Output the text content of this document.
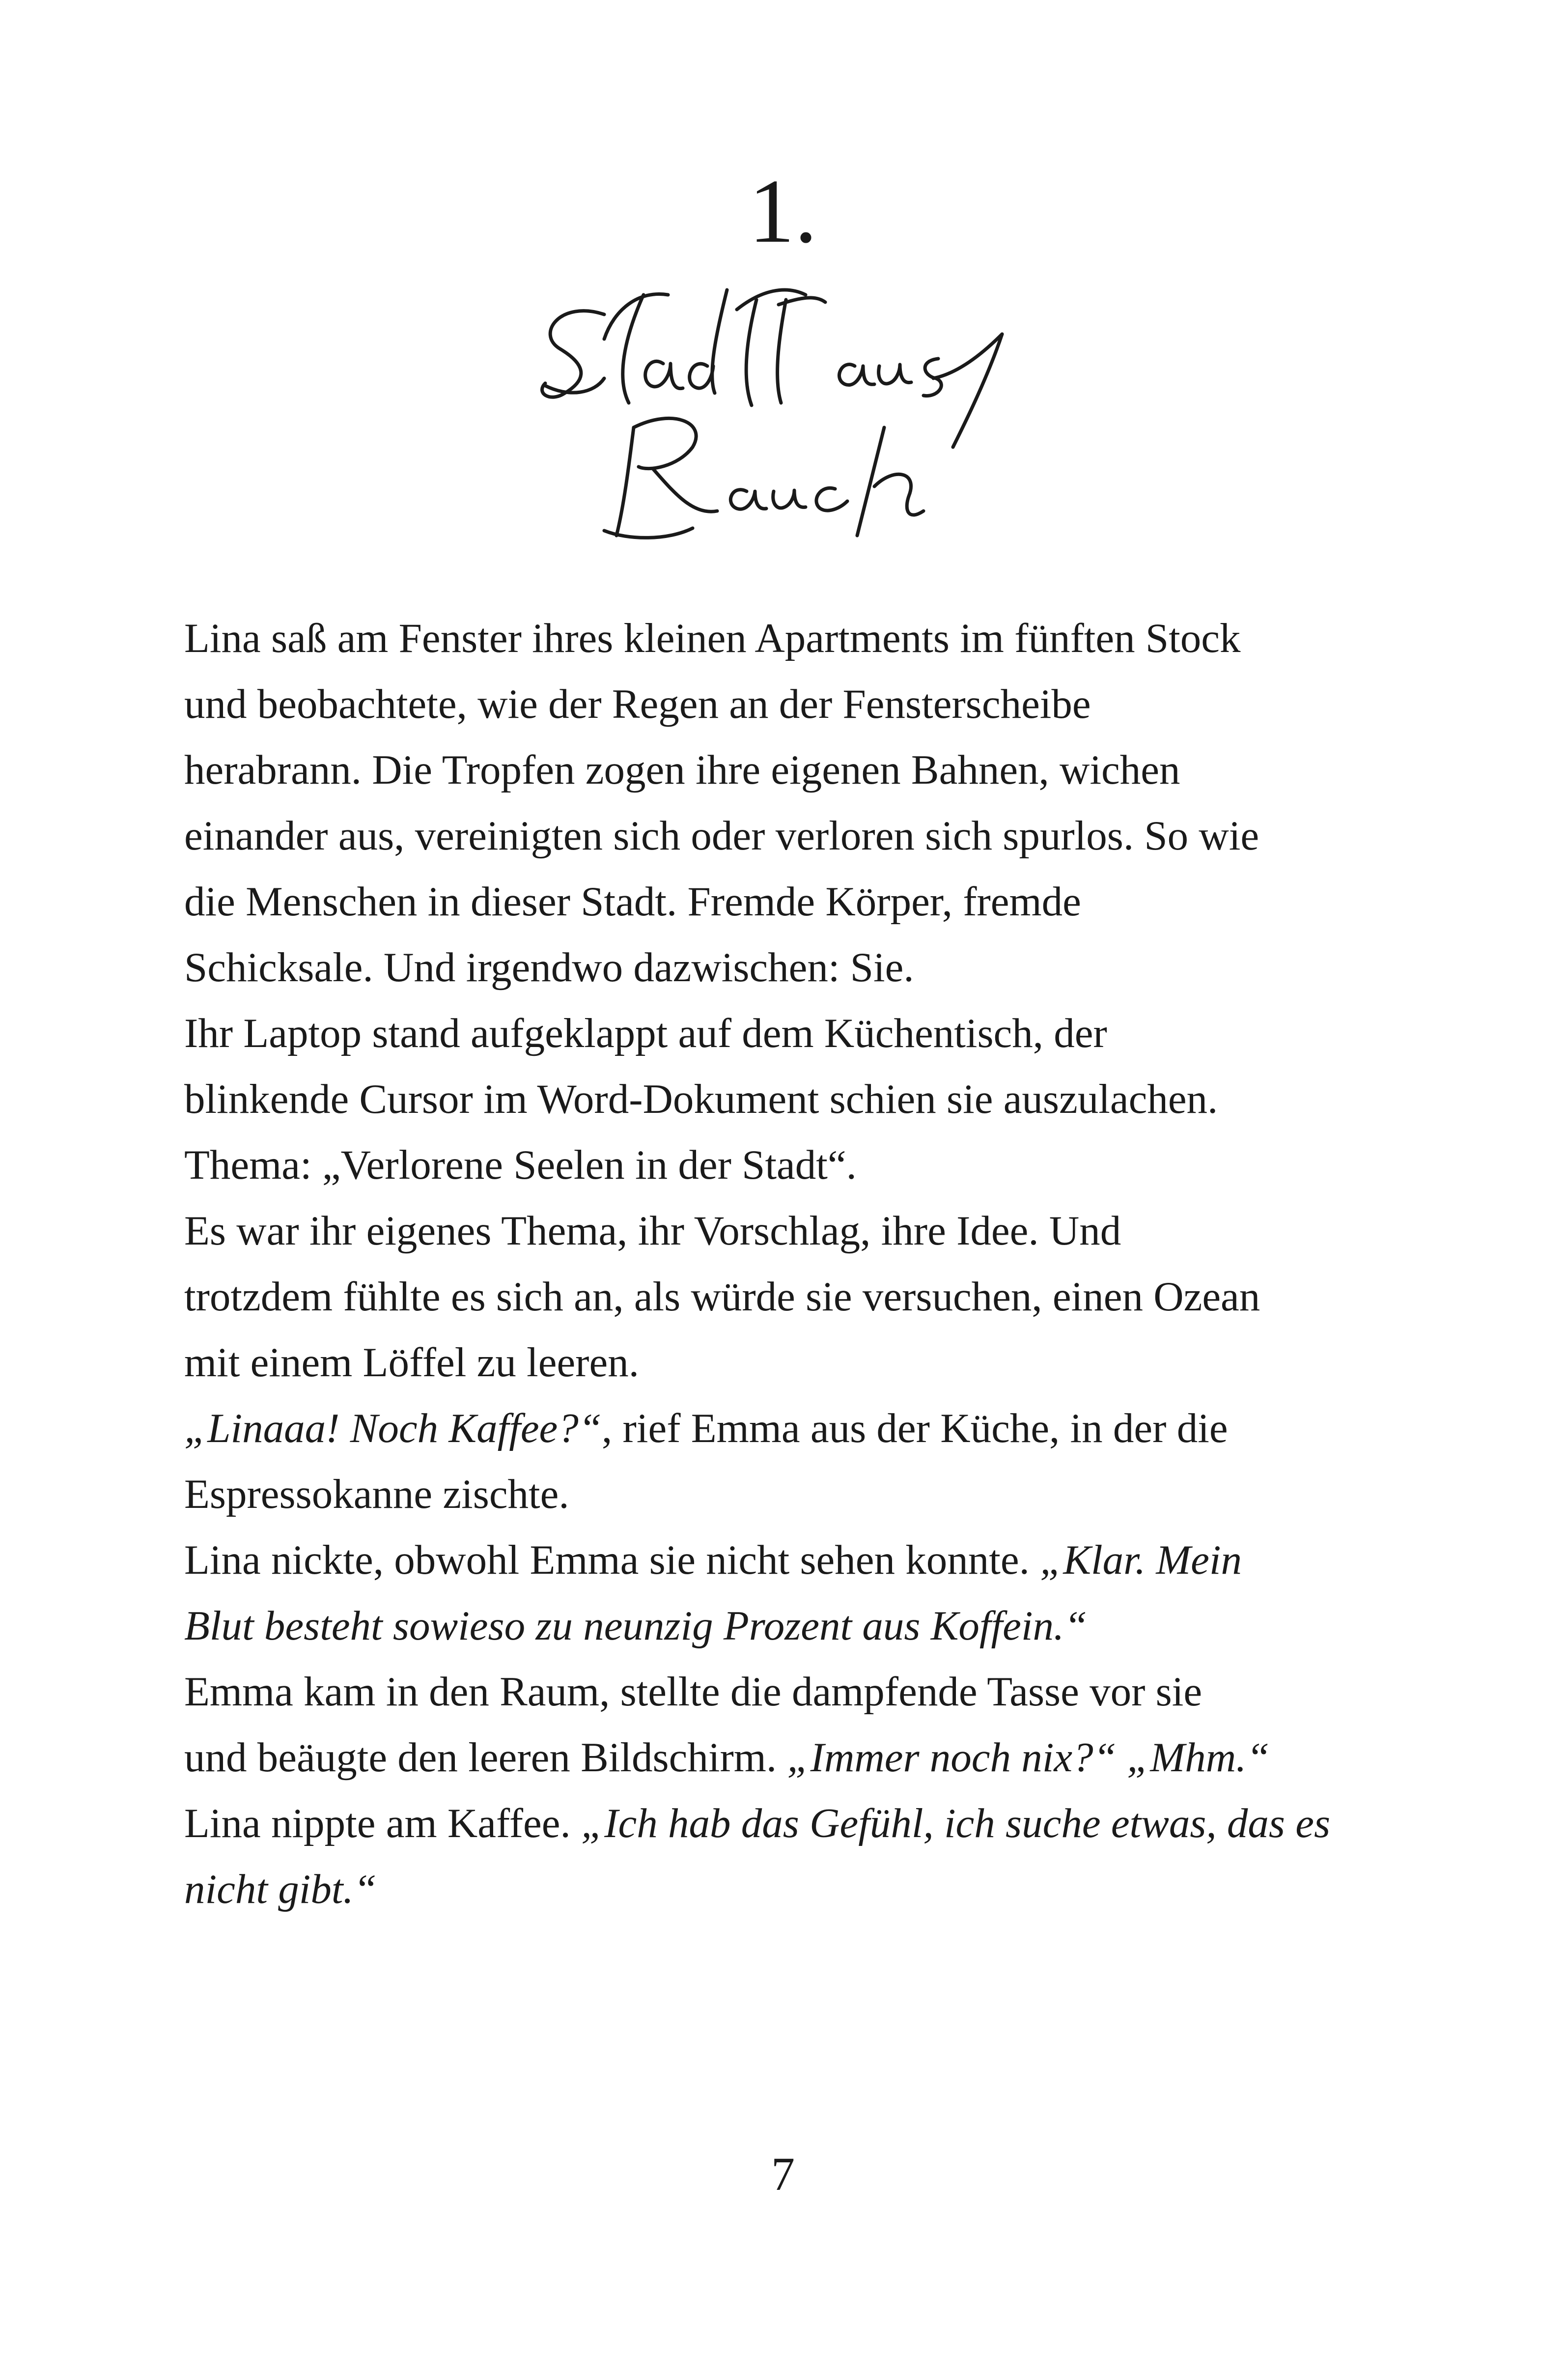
1.
Lina saß am Fenster ihres kleinen Apartments im fünften Stock
und beobachtete, wie der Regen an der Fensterscheibe
herabrann. Die Tropfen zogen ihre eigenen Bahnen, wichen
einander aus, vereinigten sich oder verloren sich spurlos. So wie
die Menschen in dieser Stadt. Fremde Körper, fremde
Schicksale. Und irgendwo dazwischen: Sie.
Ihr Laptop stand aufgeklappt auf dem Küchentisch, der
blinkende Cursor im Word-Dokument schien sie auszulachen.
Thema: „Verlorene Seelen in der Stadt“.
Es war ihr eigenes Thema, ihr Vorschlag, ihre Idee. Und
trotzdem fühlte es sich an, als würde sie versuchen, einen Ozean
mit einem Löffel zu leeren.
„Linaaa! Noch Kaffee?“, rief Emma aus der Küche, in der die
Espressokanne zischte.
Lina nickte, obwohl Emma sie nicht sehen konnte. „Klar. Mein
Blut besteht sowieso zu neunzig Prozent aus Koffein.“
Emma kam in den Raum, stellte die dampfende Tasse vor sie
und beäugte den leeren Bildschirm. „Immer noch nix?“ „Mhm.“
Lina nippte am Kaffee. „Ich hab das Gefühl, ich suche etwas, das es
nicht gibt.“
7
